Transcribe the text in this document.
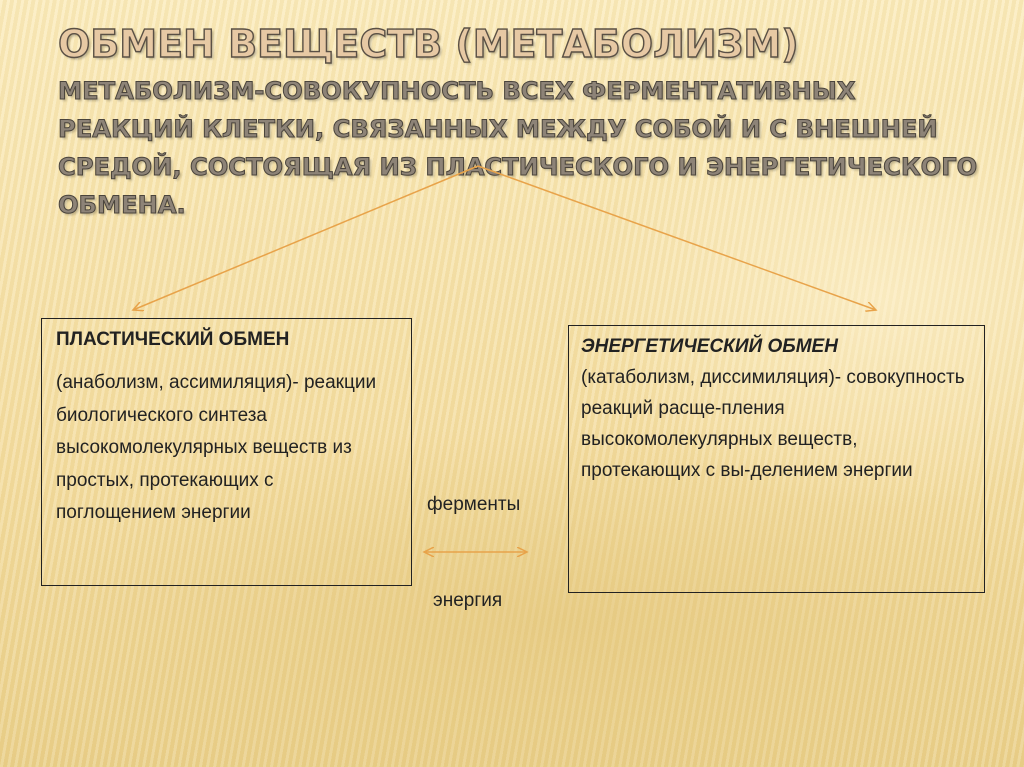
ОБМЕН ВЕЩЕСТВ (МЕТАБОЛИЗМ)

МЕТАБОЛИЗМ-СОВОКУПНОСТЬ ВСЕХ ФЕРМЕНТАТИВНЫХ РЕАКЦИЙ КЛЕТКИ, СВЯЗАННЫХ МЕЖДУ СОБОЙ И С ВНЕШНЕЙ СРЕДОЙ, СОСТОЯЩАЯ ИЗ ПЛАСТИЧЕСКОГО И ЭНЕРГЕТИЧЕСКОГО ОБМЕНА.

ПЛАСТИЧЕСКИЙ ОБМЕН

(анаболизм, ассимиляция)- реакции биологического синтеза высокомолекулярных веществ из простых, протекающих с поглощением энергии

ЭНЕРГЕТИЧЕСКИЙ ОБМЕН

(катаболизм, диссимиляция)- совокупность реакций расще-пления высокомолекулярных веществ, протекающих с вы-делением энергии

ферменты
энергия
